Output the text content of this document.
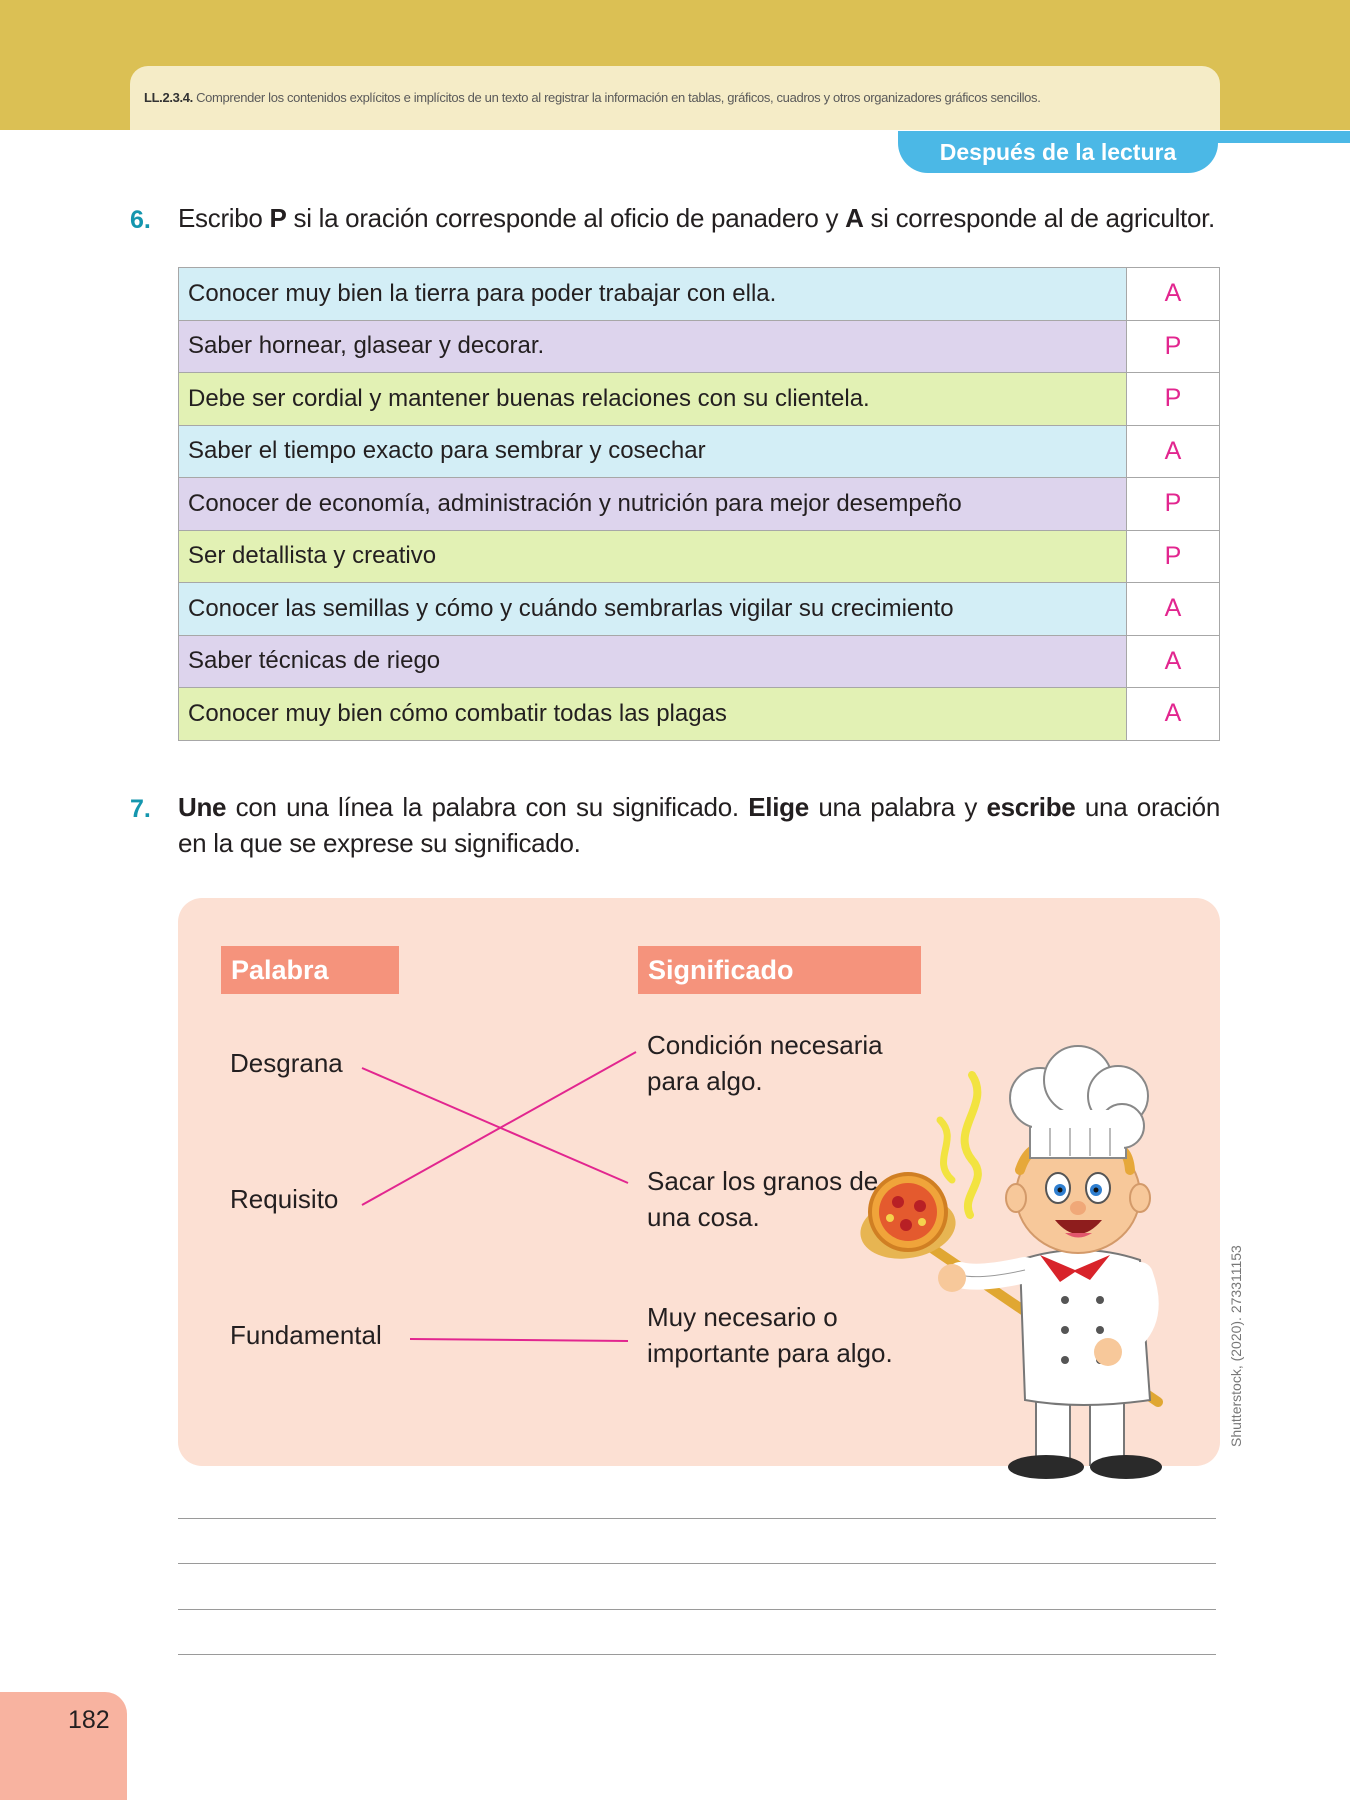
LL.2.3.4. Comprender los contenidos explícitos e implícitos de un texto al registrar la información en tablas, gráficos, cuadros y otros organizadores gráficos sencillos.
Después de la lectura
6. Escribo P si la oración corresponde al oficio de panadero y A si corresponde al de agricultor.
Conocer muy bien la tierra para poder trabajar con ella.	A
Saber hornear, glasear y decorar.	P
Debe ser cordial y mantener buenas relaciones con su clientela.	P
Saber el tiempo exacto para sembrar y cosechar	A
Conocer de economía, administración y nutrición para mejor desempeño	P
Ser detallista y creativo	P
Conocer las semillas y cómo y cuándo sembrarlas vigilar su crecimiento	A
Saber técnicas de riego	A
Conocer muy bien cómo combatir todas las plagas	A
7. Une con una línea la palabra con su significado. Elige una palabra y escribe una oración
en la que se exprese su significado.
Palabra	Significado
Desgrana
Requisito
Fundamental
Condición necesaria
para algo.
Sacar los granos de
una cosa.
Muy necesario o
importante para algo.	Shutterstock, (2020). 273311153
182
